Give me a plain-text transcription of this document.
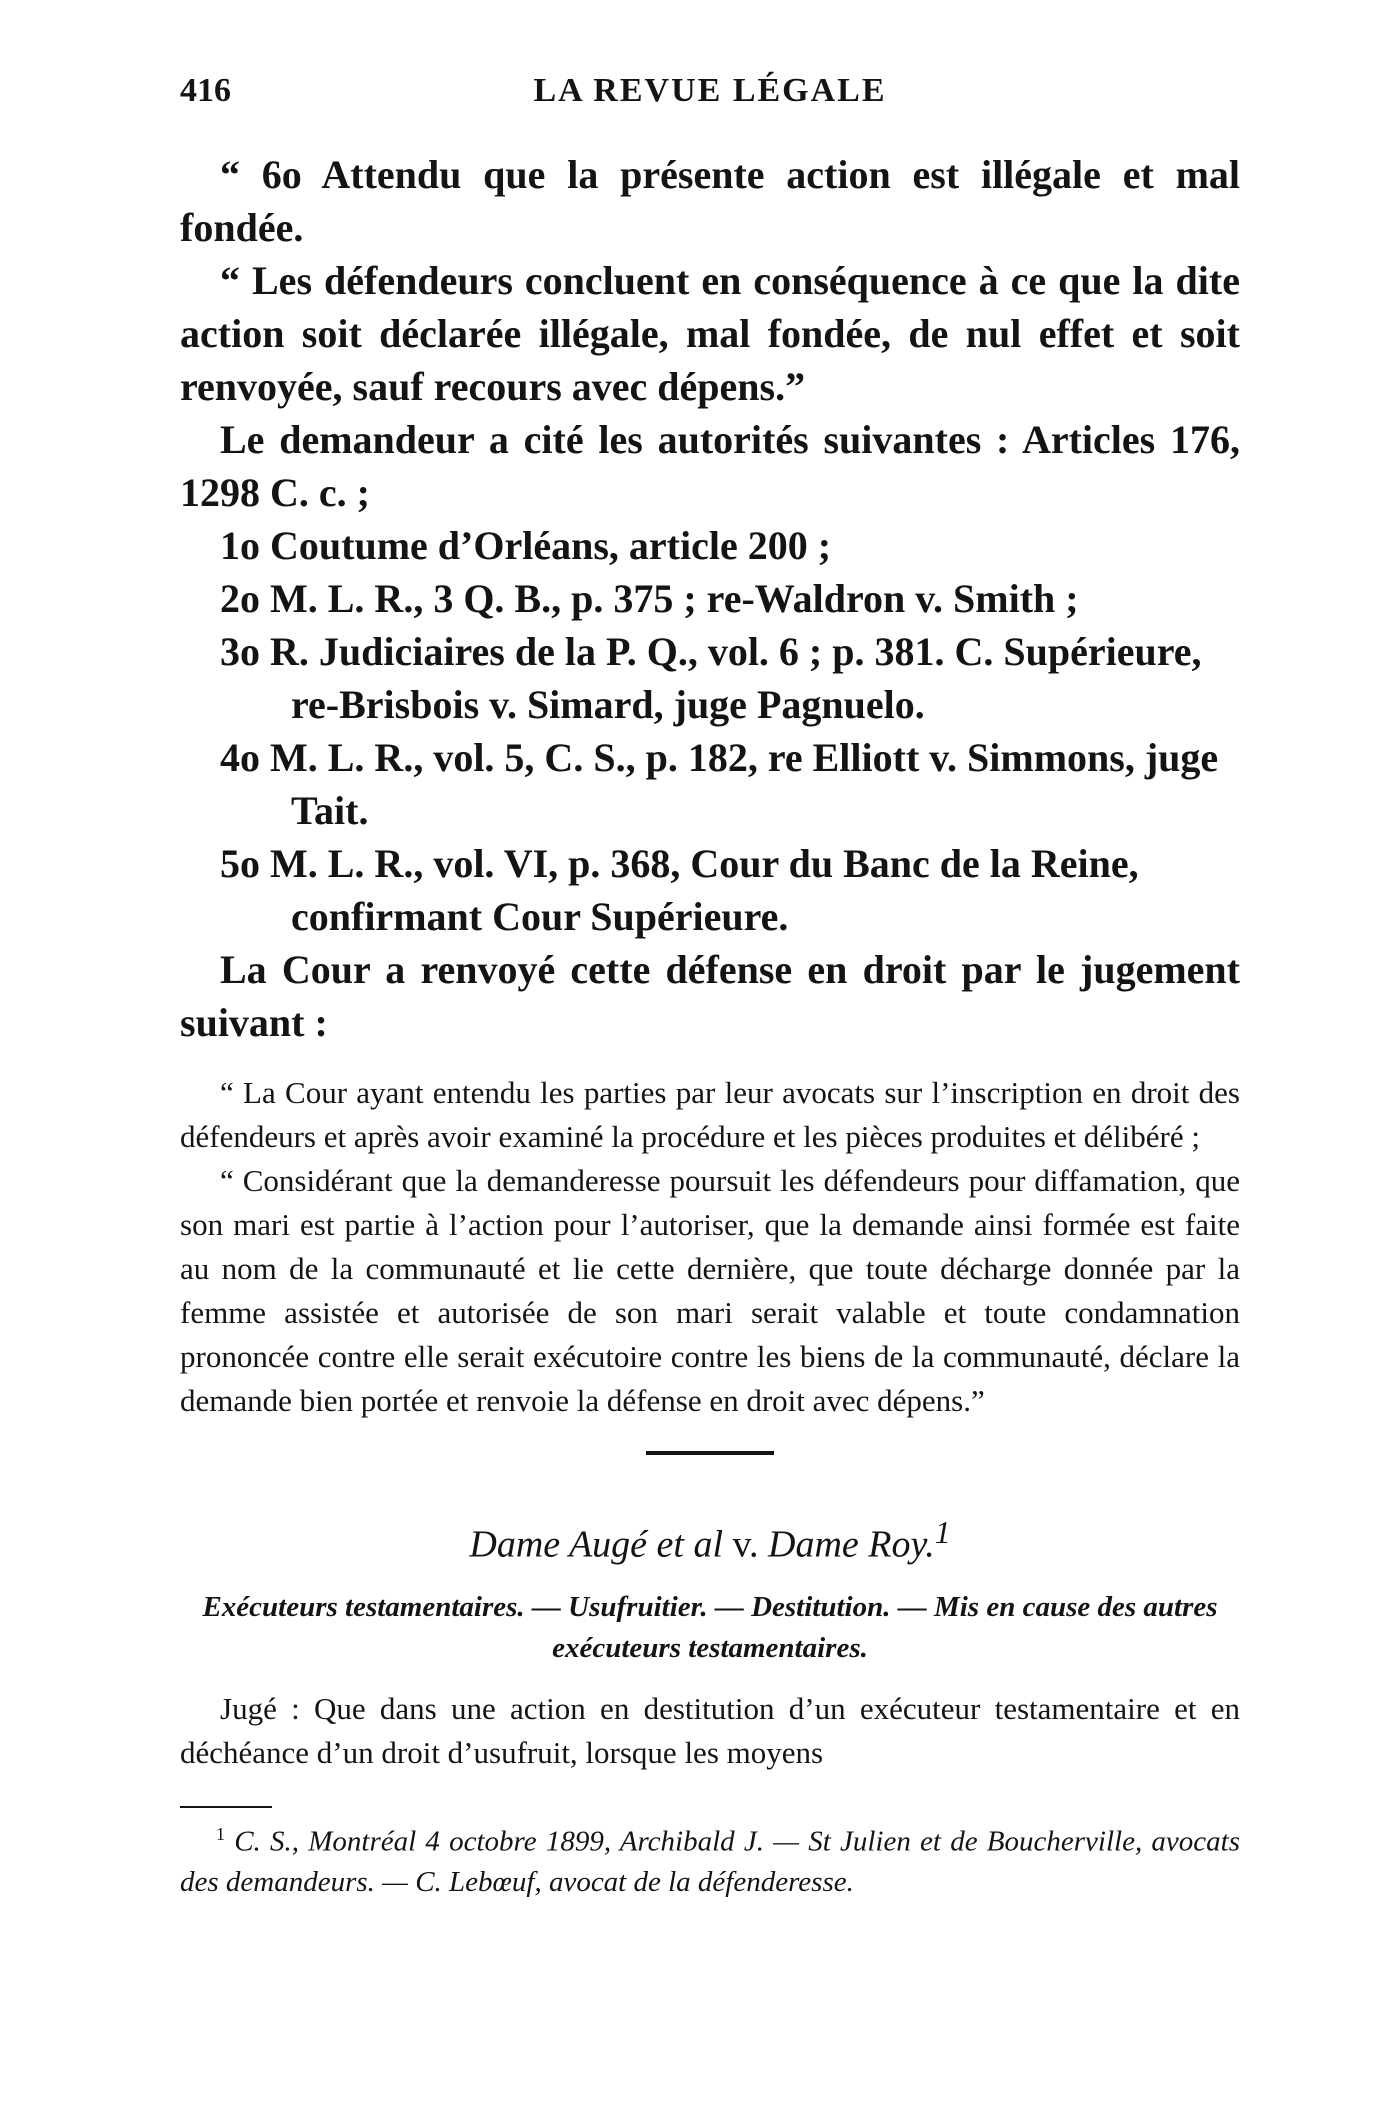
416	LA REVUE LÉGALE

“ 6o Attendu que la présente action est illégale et mal fondée.

“ Les défendeurs concluent en conséquence à ce que la dite action soit déclarée illégale, mal fondée, de nul effet et soit renvoyée, sauf recours avec dépens.”

Le demandeur a cité les autorités suivantes : Articles 176, 1298 C. c. ;

1o Coutume d’Orléans, article 200 ;
2o M. L. R., 3 Q. B., p. 375 ; re-Waldron v. Smith ;
3o R. Judiciaires de la P. Q., vol. 6 ; p. 381. C. Supérieure, re-Brisbois v. Simard, juge Pagnuelo.
4o M. L. R., vol. 5, C. S., p. 182, re Elliott v. Simmons, juge Tait.
5o M. L. R., vol. VI, p. 368, Cour du Banc de la Reine, confirmant Cour Supérieure.

La Cour a renvoyé cette défense en droit par le jugement suivant :

“ La Cour ayant entendu les parties par leur avocats sur l’inscription en droit des défendeurs et après avoir examiné la procédure et les pièces produites et délibéré ;

“ Considérant que la demanderesse poursuit les défendeurs pour diffamation, que son mari est partie à l’action pour l’autoriser, que la demande ainsi formée est faite au nom de la communauté et lie cette dernière, que toute décharge donnée par la femme assistée et autorisée de son mari serait valable et toute condamnation prononcée contre elle serait exécutoire contre les biens de la communauté, déclare la demande bien portée et renvoie la défense en droit avec dépens.”

Dame Augé et al v. Dame Roy.$^1$
Exécuteurs testamentaires. — Usufruitier. — Destitution. — Mis en cause des autres exécuteurs testamentaires.

Jugé : Que dans une action en destitution d’un exécuteur testamentaire et en déchéance d’un droit d’usufruit, lorsque les moyens

$^1$ C. S., Montréal 4 octobre 1899, Archibald J. — St Julien et de Boucherville, avocats des demandeurs. — C. Lebœuf, avocat de la défenderesse.
